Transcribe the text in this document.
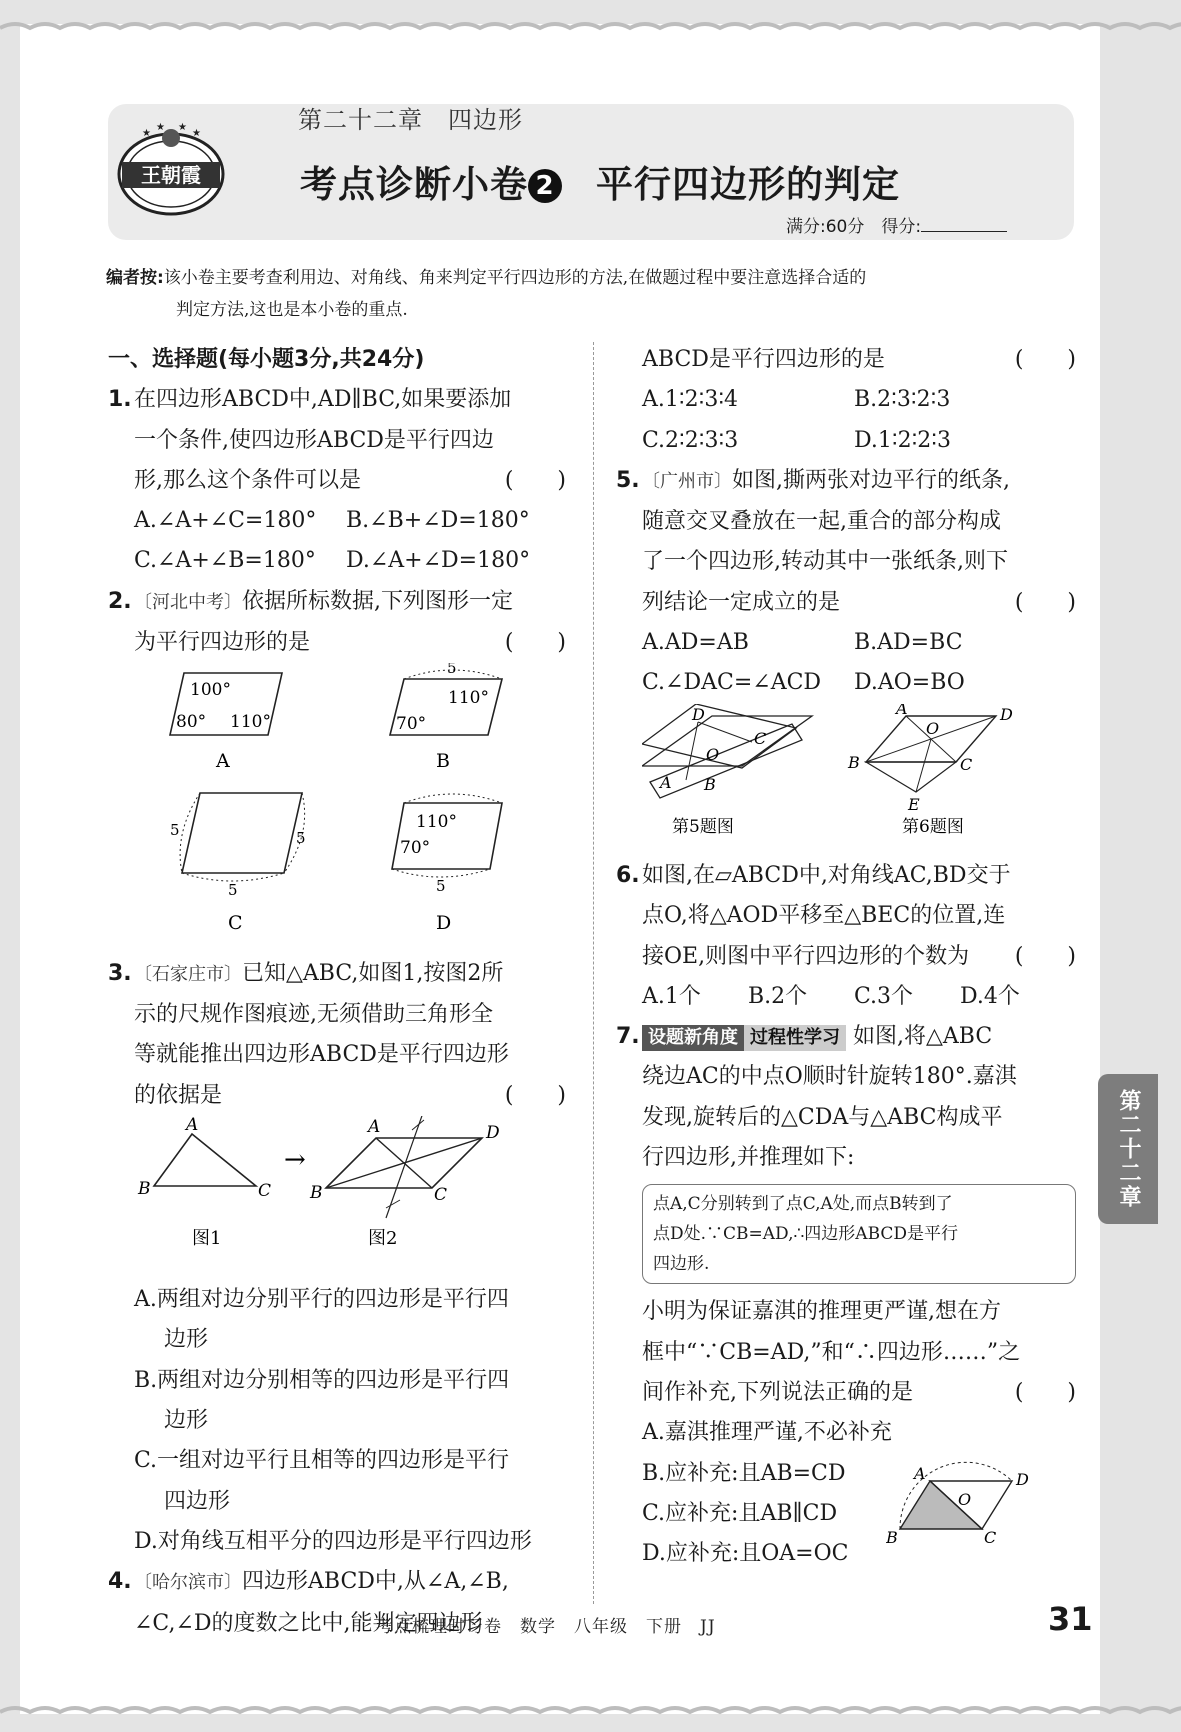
王朝霞
★	★
★ ★	第二十二章　四边形
考点诊断小卷 2 平行四边形的判定
满分:60分　得分:
编者按:该小卷主要考查利用边、对角线、角来判定平行四边形的方法,在做题过程中要注意选择合适的
判定方法,这也是本小卷的重点.
一、选择题(每小题3分,共24分)
1. 在四边形ABCD中,AD∥BC,如果要添加
一个条件,使四边形ABCD是平行四边
形,那么这个条件可以是	(　　)
A.∠A+∠C=180°	B.∠B+∠D=180°
C.∠A+∠B=180°	D.∠A+∠D=180°
2. 〔河北中考〕依据所标数据,下列图形一定
为平行四边形的是	(　　)
100°
80° 110°
A
5
70°
110°
B
5	5
5
C
110°
70°
5
D
3. 〔石家庄市〕已知△ABC,如图1,按图2所
示的尺规作图痕迹,无须借助三角形全
等就能推出四边形ABCD是平行四边形
的依据是	(　　)
A
B	C
→
A
B	C
D
图1	图2
A.两组对边分别平行的四边形是平行四
边形
B.两组对边分别相等的四边形是平行四
边形
C.一组对边平行且相等的四边形是平行
四边形
D.对角线互相平分的四边形是平行四边形
4. 〔哈尔滨市〕四边形ABCD中,从∠A,∠B,
∠C,∠D的度数之比中,能判定四边形
ABCD是平行四边形的是	(　　)
A.1∶2∶3∶4	B.2∶3∶2∶3
C.2∶2∶3∶3	D.1∶2∶2∶3
5. 〔广州市〕如图,撕两张对边平行的纸条,
随意交叉叠放在一起,重合的部分构成
了一个四边形,转动其中一张纸条,则下
列结论一定成立的是	(　　)
A.AD=AB	B.AD=BC
C.∠DAC=∠ACD	D.AO=BO
D
C
O
A B
第5题图
A	D
O
B	C
E
第6题图
6. 如图,在▱ABCD中,对角线AC,BD交于
点O,将△AOD平移至△BEC的位置,连
接OE,则图中平行四边形的个数为 (　　)
A.1个	B.2个	C.3个	D.4个
7. 设题新角度 过程性学习 如图,将△ABC
绕边AC的中点O顺时针旋转180°.嘉淇
发现,旋转后的△CDA与△ABC构成平
行四边形,并推理如下:
点A,C分别转到了点C,A处,而点B转到了
点D处.∵CB=AD,∴四边形ABCD是平行
四边形.
小明为保证嘉淇的推理更严谨,想在方
框中“∵CB=AD,”和“∴四边形……”之
间作补充,下列说法正确的是	(　　)
A.嘉淇推理严谨,不必补充
B.应补充:且AB=CD
C.应补充:且AB∥CD
D.应补充:且OA=OC
A	D
O
B	C
第二十二章
考点梳理时习卷　数学　八年级　下册　JJ	31
